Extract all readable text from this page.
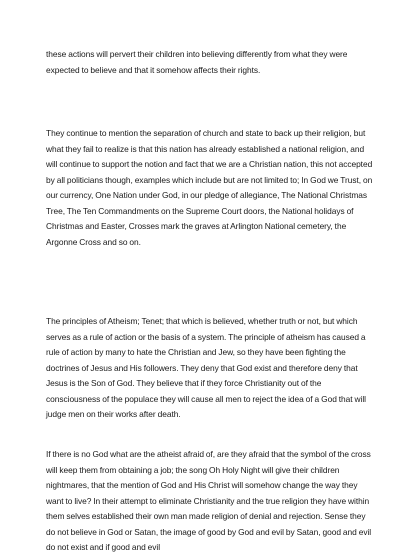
these actions will pervert their children into believing differently from what they were expected to believe and that it somehow affects their rights.

They continue to mention the separation of church and state to back up their religion, but what they fail to realize is that this nation has already established a national religion, and will continue to support the notion and fact that we are a Christian nation, this not accepted by all politicians though, examples which include but are not limited to; In God we Trust, on our currency, One Nation under God, in our pledge of allegiance, The National Christmas Tree, The Ten Commandments on the Supreme Court doors, the National holidays of Christmas and Easter, Crosses mark the graves at Arlington National cemetery, the Argonne Cross and so on.

The principles of Atheism; Tenet; that which is believed, whether truth or not, but which serves as a rule of action or the basis of a system. The principle of atheism has caused a rule of action by many to hate the Christian and Jew, so they have been fighting the doctrines of Jesus and His followers. They deny that God exist and therefore deny that Jesus is the Son of God. They believe that if they force Christianity out of the consciousness of the populace they will cause all men to reject the idea of a God that will judge men on their works after death.

If there is no God what are the atheist afraid of, are they afraid that the symbol of the cross will keep them from obtaining a job; the song Oh Holy Night will give their children nightmares, that the mention of God and His Christ will somehow change the way they want to live? In their attempt to eliminate Christianity and the true religion they have within them selves established their own man made religion of denial and rejection. Sense they do not believe in God or Satan, the image of good by God and evil by Satan, good and evil do not exist and if good and evil
